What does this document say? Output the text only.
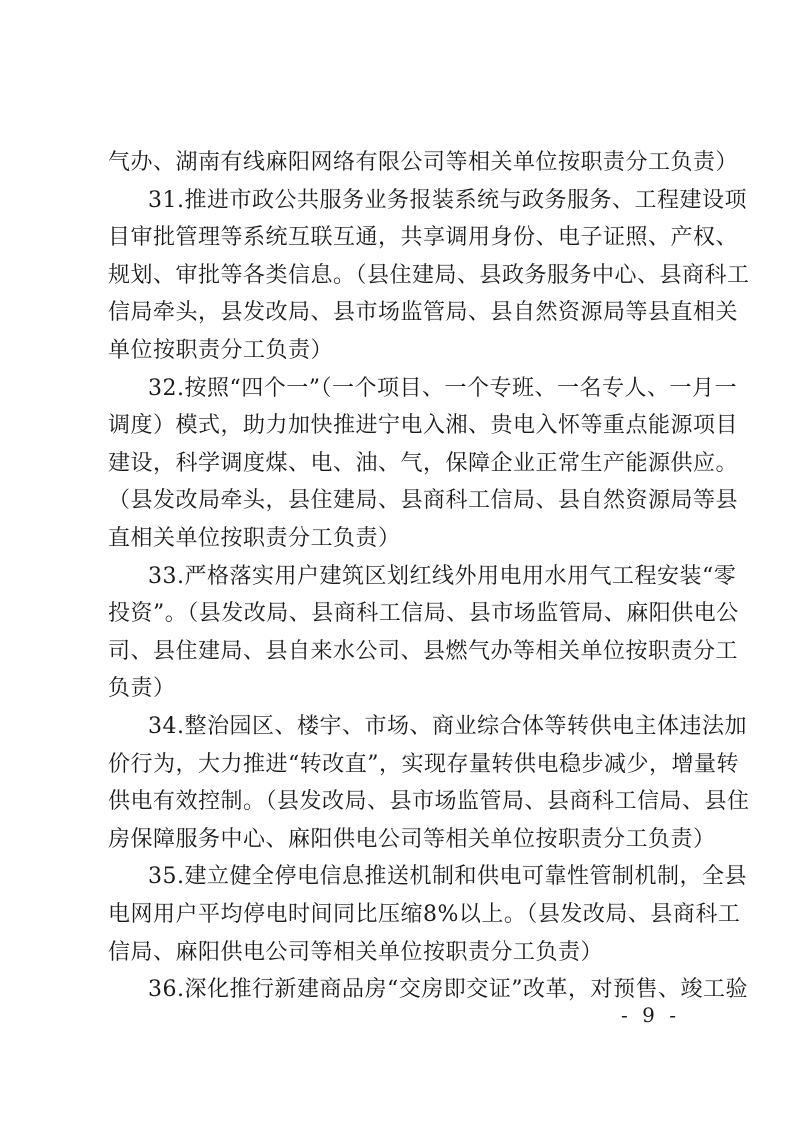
气办、湖南有线麻阳网络有限公司等相关单位按职责分工负责）
31.推进市政公共服务业务报装系统与政务服务、工程建设项
目审批管理等系统互联互通，共享调用身份、电子证照、产权、
规划、审批等各类信息。（县住建局、县政务服务中心、县商科工
信局牵头，县发改局、县市场监管局、县自然资源局等县直相关
单位按职责分工负责）
32.按照“四个一”（一个项目、一个专班、一名专人、一月一
调度）模式，助力加快推进宁电入湘、贵电入怀等重点能源项目
建设，科学调度煤、电、油、气，保障企业正常生产能源供应。
（县发改局牵头，县住建局、县商科工信局、县自然资源局等县
直相关单位按职责分工负责）
33.严格落实用户建筑区划红线外用电用水用气工程安装“零
投资”。（县发改局、县商科工信局、县市场监管局、麻阳供电公
司、县住建局、县自来水公司、县燃气办等相关单位按职责分工
负责）
34.整治园区、楼宇、市场、商业综合体等转供电主体违法加
价行为，大力推进“转改直”，实现存量转供电稳步减少，增量转
供电有效控制。（县发改局、县市场监管局、县商科工信局、县住
房保障服务中心、麻阳供电公司等相关单位按职责分工负责）
35.建立健全停电信息推送机制和供电可靠性管制机制，全县
电网用户平均停电时间同比压缩8%以上。（县发改局、县商科工
信局、麻阳供电公司等相关单位按职责分工负责）
36.深化推行新建商品房“交房即交证”改革，对预售、竣工验
- 9 -
